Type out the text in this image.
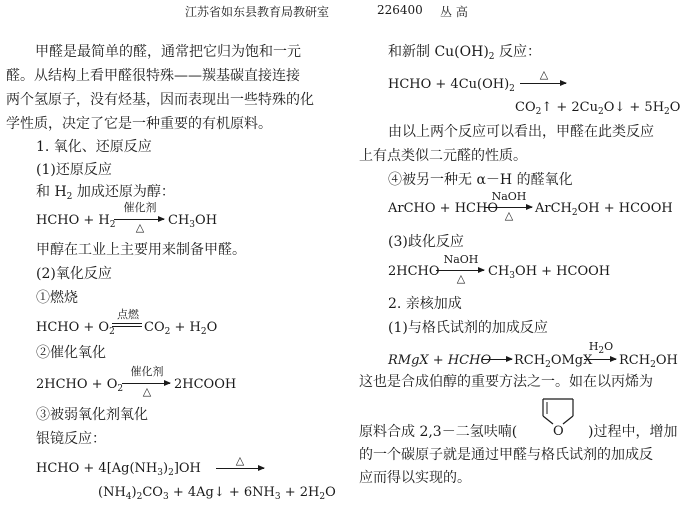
江苏省如东县教育局教研室	226400 丛 高
甲醛是最简单的醛，通常把它归为饱和一元
醛。从结构上看甲醛很特殊——羰基碳直接连接
两个氢原子，没有烃基，因而表现出一些特殊的化
学性质，决定了它是一种重要的有机原料。
1. 氧化、还原反应
(1)还原反应
和 $H_2$ 加成还原为醇：
HCHO + $H_2$
催化剂
△	$CH_3OH$
甲醇在工业上主要用来制备甲醛。
(2)氧化反应
①燃烧
HCHO + $O_2$
点燃
$CO_2 + H_2O$
②催化氧化
2HCHO + $O_2$
催化剂
△	2HCOOH
③被弱氧化剂氧化
银镜反应：
HCHO + $4[Ag(NH_3)_2]OH$
△
$(NH_4)_2CO_3$ + 4Ag↓ + $6NH_3 + 2H_2O$
和新制 $Cu(OH)_2$ 反应：
HCHO + $4Cu(OH)_2$
△
$CO_2↑$ + $2Cu_2O↓ + 5H_2O$
由以上两个反应可以看出，甲醛在此类反应
上有点类似二元醛的性质。
④被另一种无 α－H 的醛氧化
ArCHO + HCHO
NaOH
△	ArCH$_2$OH + HCOOH
(3)歧化反应
2HCHO
NaOH
△	$CH_3OH$ + HCOOH
2. 亲核加成
(1)与格氏试剂的加成反应
RMgX + HCHO $RCH_2OMgX$
$H_2O$
$RCH_2OH$
这也是合成伯醇的重要方法之一。如在以丙烯为
原料合成 2,3－二氢呋喃(	O )过程中，增加
的一个碳原子就是通过甲醛与格氏试剂的加成反
应而得以实现的。
